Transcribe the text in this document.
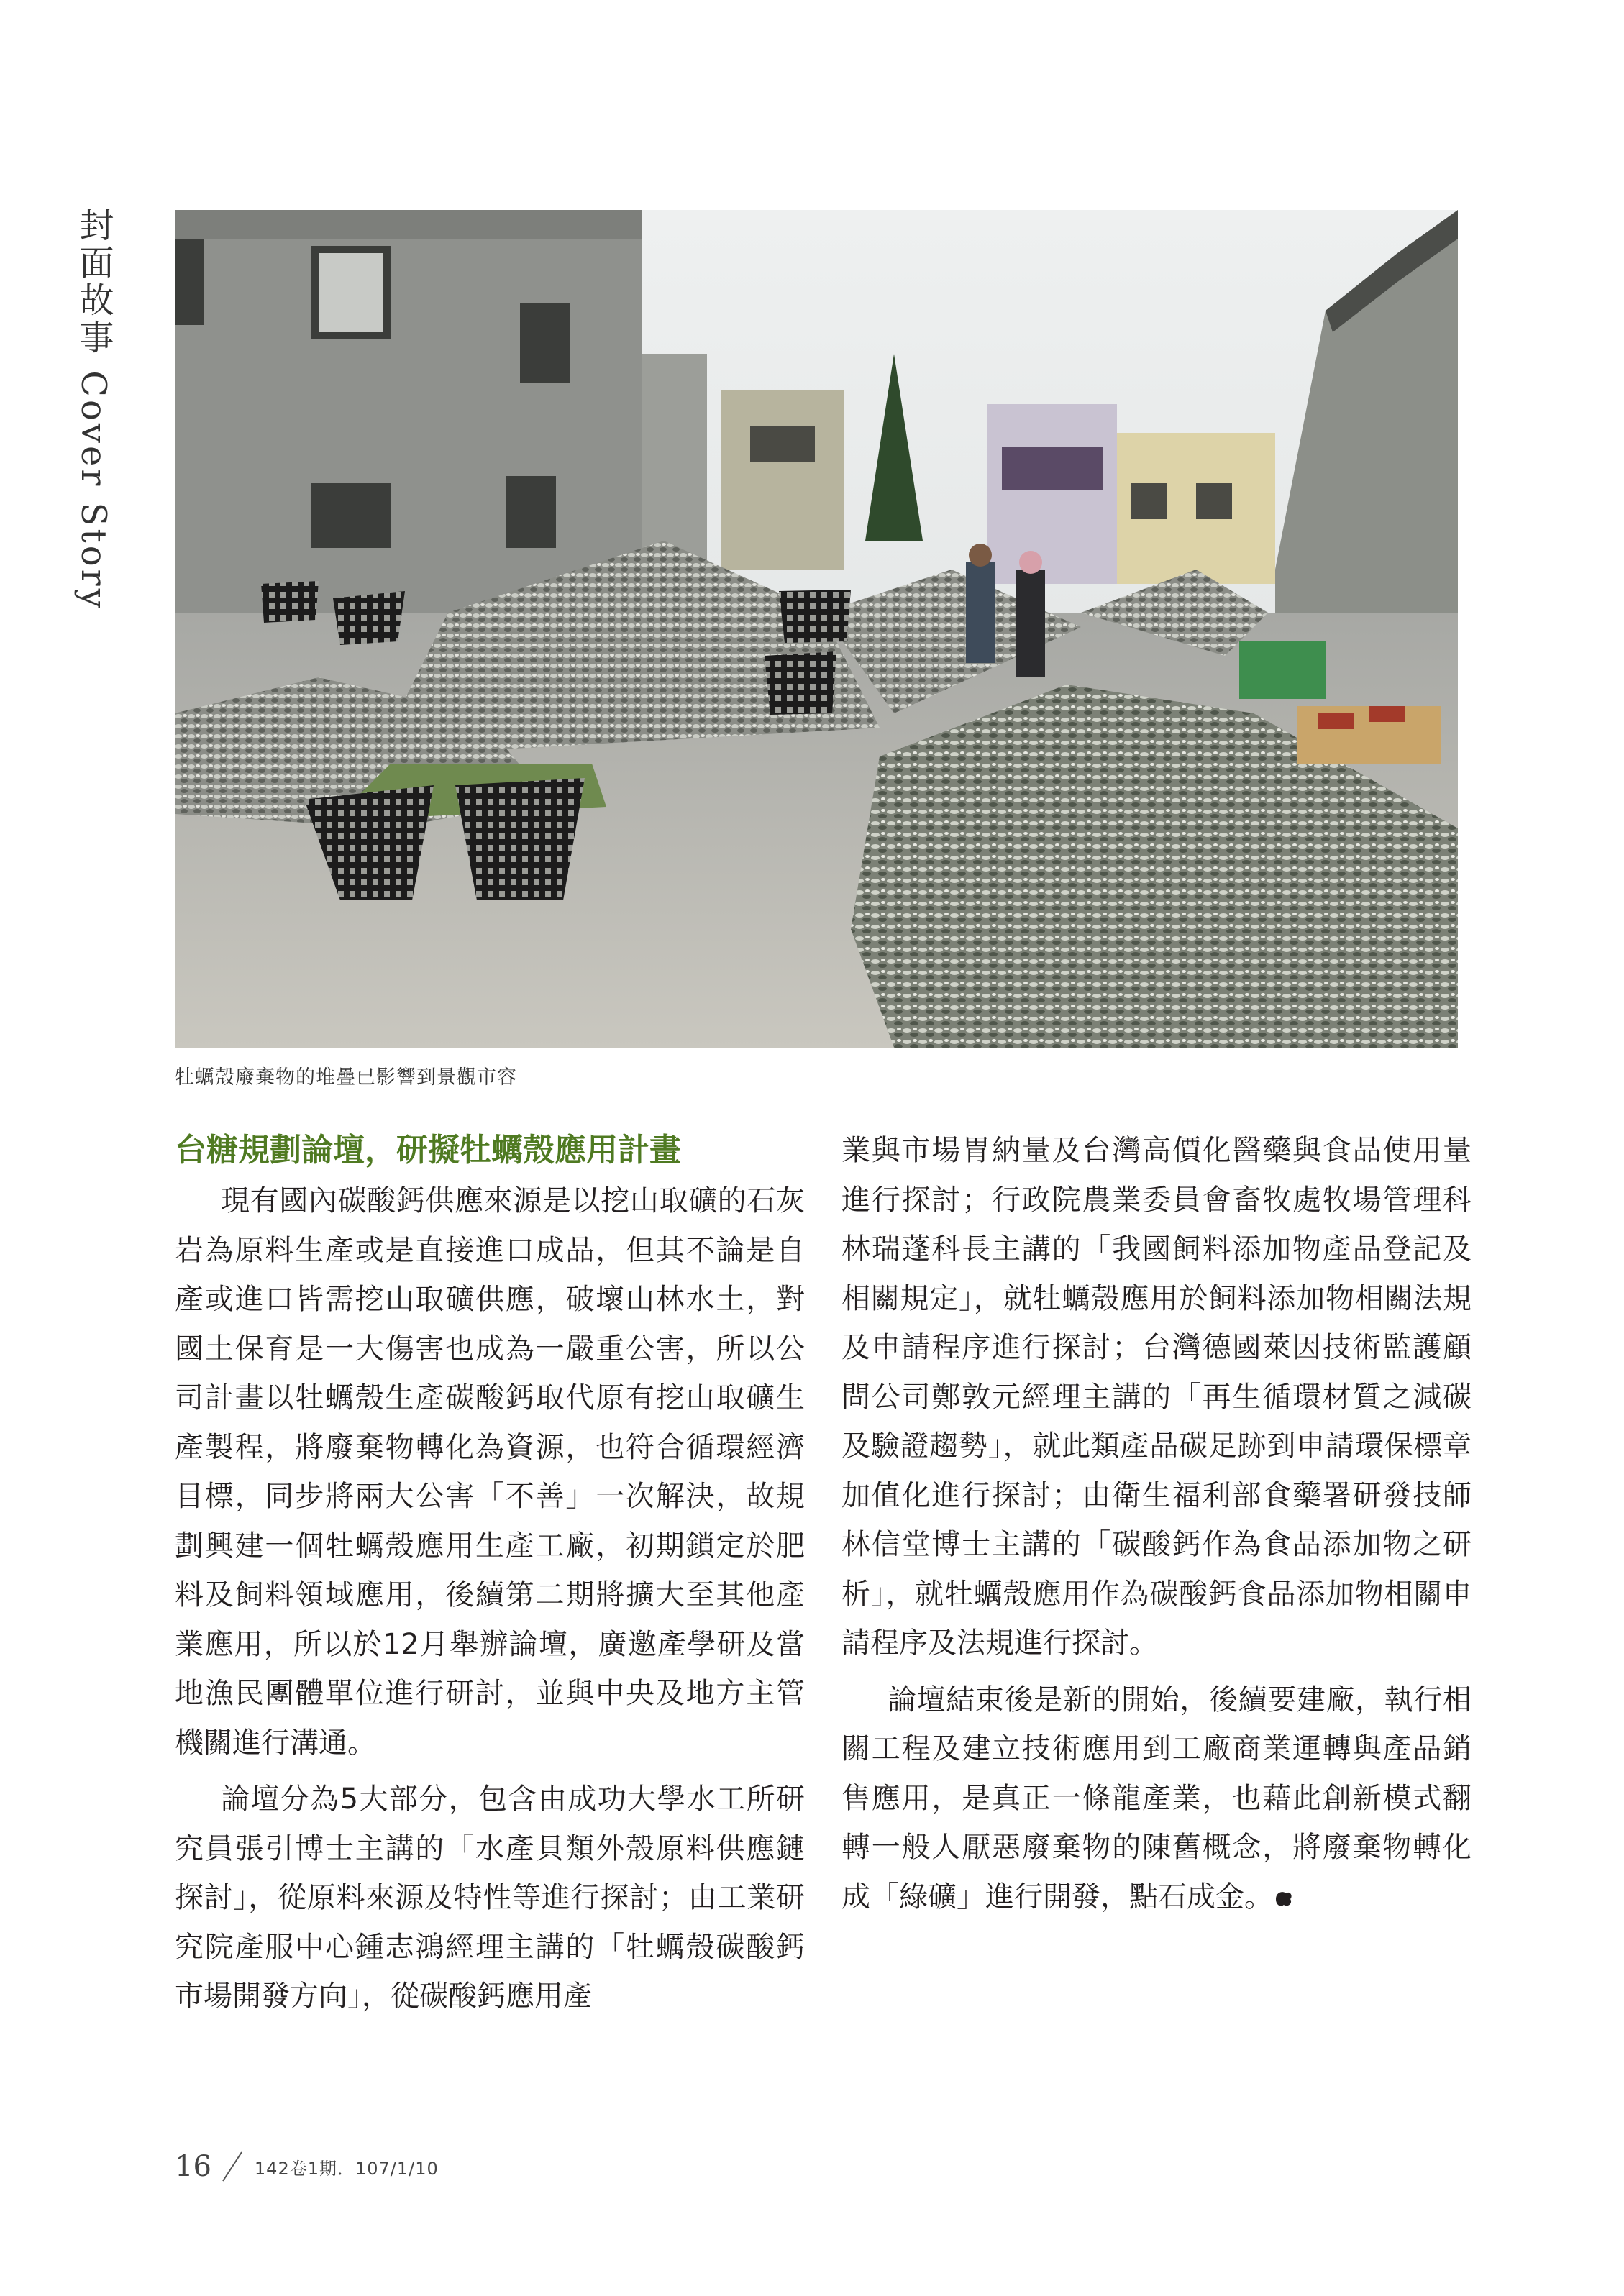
封面故事 Cover Story
牡蠣殼廢棄物的堆疊已影響到景觀市容
台糖規劃論壇，研擬牡蠣殼應用計畫

現有國內碳酸鈣供應來源是以挖山取礦的石灰岩為原料生產或是直接進口成品，但其不論是自產或進口皆需挖山取礦供應，破壞山林水土，對國土保育是一大傷害也成為一嚴重公害，所以公司計畫以牡蠣殼生產碳酸鈣取代原有挖山取礦生產製程，將廢棄物轉化為資源，也符合循環經濟目標，同步將兩大公害「不善」一次解決，故規劃興建一個牡蠣殼應用生產工廠，初期鎖定於肥料及飼料領域應用，後續第二期將擴大至其他產業應用，所以於12月舉辦論壇，廣邀產學研及當地漁民團體單位進行研討，並與中央及地方主管機關進行溝通。

論壇分為5大部分，包含由成功大學水工所研究員張引博士主講的「水產貝類外殼原料供應鏈探討」，從原料來源及特性等進行探討；由工業研究院產服中心鍾志鴻經理主講的「牡蠣殼碳酸鈣市場開發方向」，從碳酸鈣應用產

業與市場胃納量及台灣高價化醫藥與食品使用量進行探討；行政院農業委員會畜牧處牧場管理科林瑞蓬科長主講的「我國飼料添加物產品登記及相關規定」，就牡蠣殼應用於飼料添加物相關法規及申請程序進行探討；台灣德國萊因技術監護顧問公司鄭敦元經理主講的「再生循環材質之減碳及驗證趨勢」，就此類產品碳足跡到申請環保標章加值化進行探討；由衛生福利部食藥署研發技師林信堂博士主講的「碳酸鈣作為食品添加物之研析」，就牡蠣殼應用作為碳酸鈣食品添加物相關申請程序及法規進行探討。

論壇結束後是新的開始，後續要建廠，執行相關工程及建立技術應用到工廠商業運轉與產品銷售應用，是真正一條龍產業，也藉此創新模式翻轉一般人厭惡廢棄物的陳舊概念，將廢棄物轉化成「綠礦」進行開發，點石成金。

16	142卷1期．107/1/10
